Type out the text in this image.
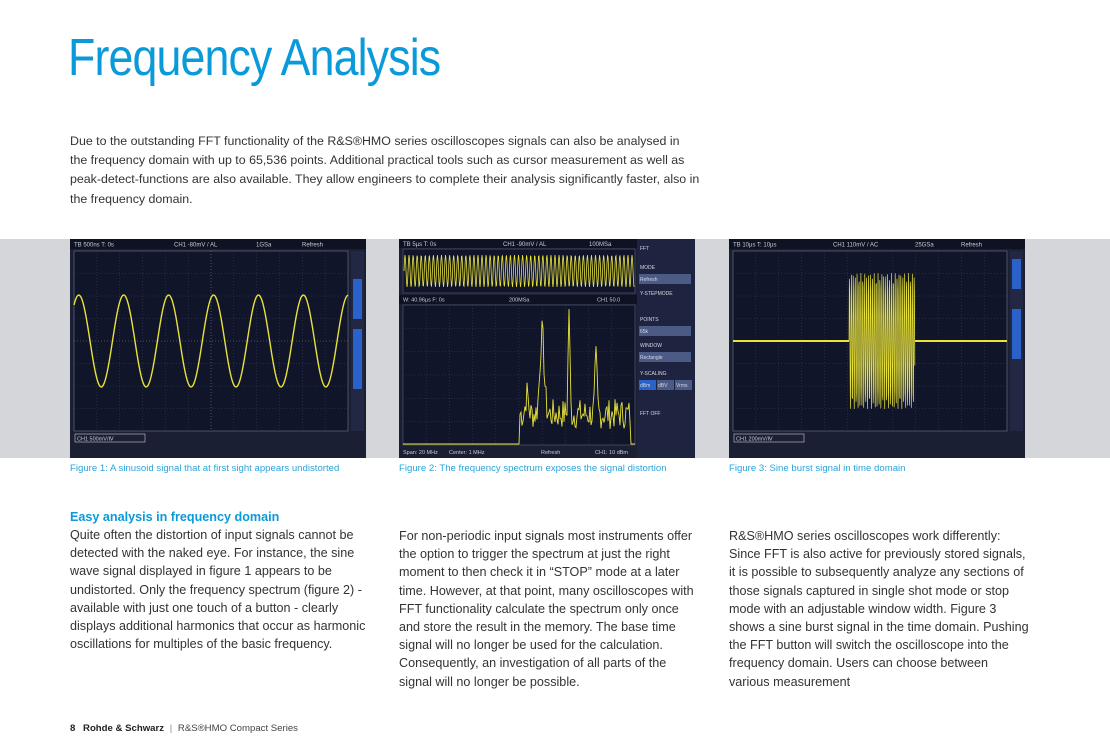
Frequency Analysis

Due to the outstanding FFT functionality of the R&S®HMO series oscilloscopes signals can also be analysed in the frequency domain with up to 65,536 points. Additional practical tools such as cursor measurement as well as peak-detect-functions are also available. They allow engineers to complete their analysis significantly faster, also in the frequency domain.

TB 500ns T: 0s	CH1 -80mV / AL	1GSa	Refresh
CH1 500mV/Ⅳ
TB 5µs T: 0s	CH1 -90mV / AL	100MSa
W: 40.96µs F: 0s	200MSa	CH1 50.0
FFT
MODE
Refresh
Y-STEPMODE
POINTS
65k
WINDOW
Rectangle
Y-SCALING
dBm dBV Vrms
FFT OFF
Span: 20 MHz Center: 1 MHz	Refresh	CH1: 10 dBm
TB 10µs T: 10µs	CH1 110mV / AC	25GSa	Refresh
CH1 200mV/Ⅳ
Figure 1: A sinusoid signal that at first sight appears undistorted	Figure 2: The frequency spectrum exposes the signal distortion	Figure 3: Sine burst signal in time domain
Easy analysis in frequency domain

Quite often the distortion of input signals cannot be detected with the naked eye. For instance, the sine wave signal displayed in figure 1 appears to be undistorted. Only the frequency spectrum (figure 2) - available with just one touch of a button - clearly displays additional harmonics that occur as harmonic oscillations for multiples of the basic frequency.

For non-periodic input signals most instruments offer the option to trigger the spectrum at just the right moment to then check it in “STOP” mode at a later time. However, at that point, many oscilloscopes with FFT functionality calculate the spectrum only once and store the result in the memory. The base time signal will no longer be used for the calculation. Consequently, an investigation of all parts of the signal will no longer be possible.

R&S®HMO series oscilloscopes work differently: Since FFT is also active for previously stored signals, it is possible to subsequently analyze any sections of those signals captured in single shot mode or stop mode with an adjustable window width. Figure 3 shows a sine burst signal in the time domain. Pushing the FFT button will switch the oscilloscope into the frequency domain. Users can choose between various measurement

8 Rohde & Schwarz | R&S®HMO Compact Series
